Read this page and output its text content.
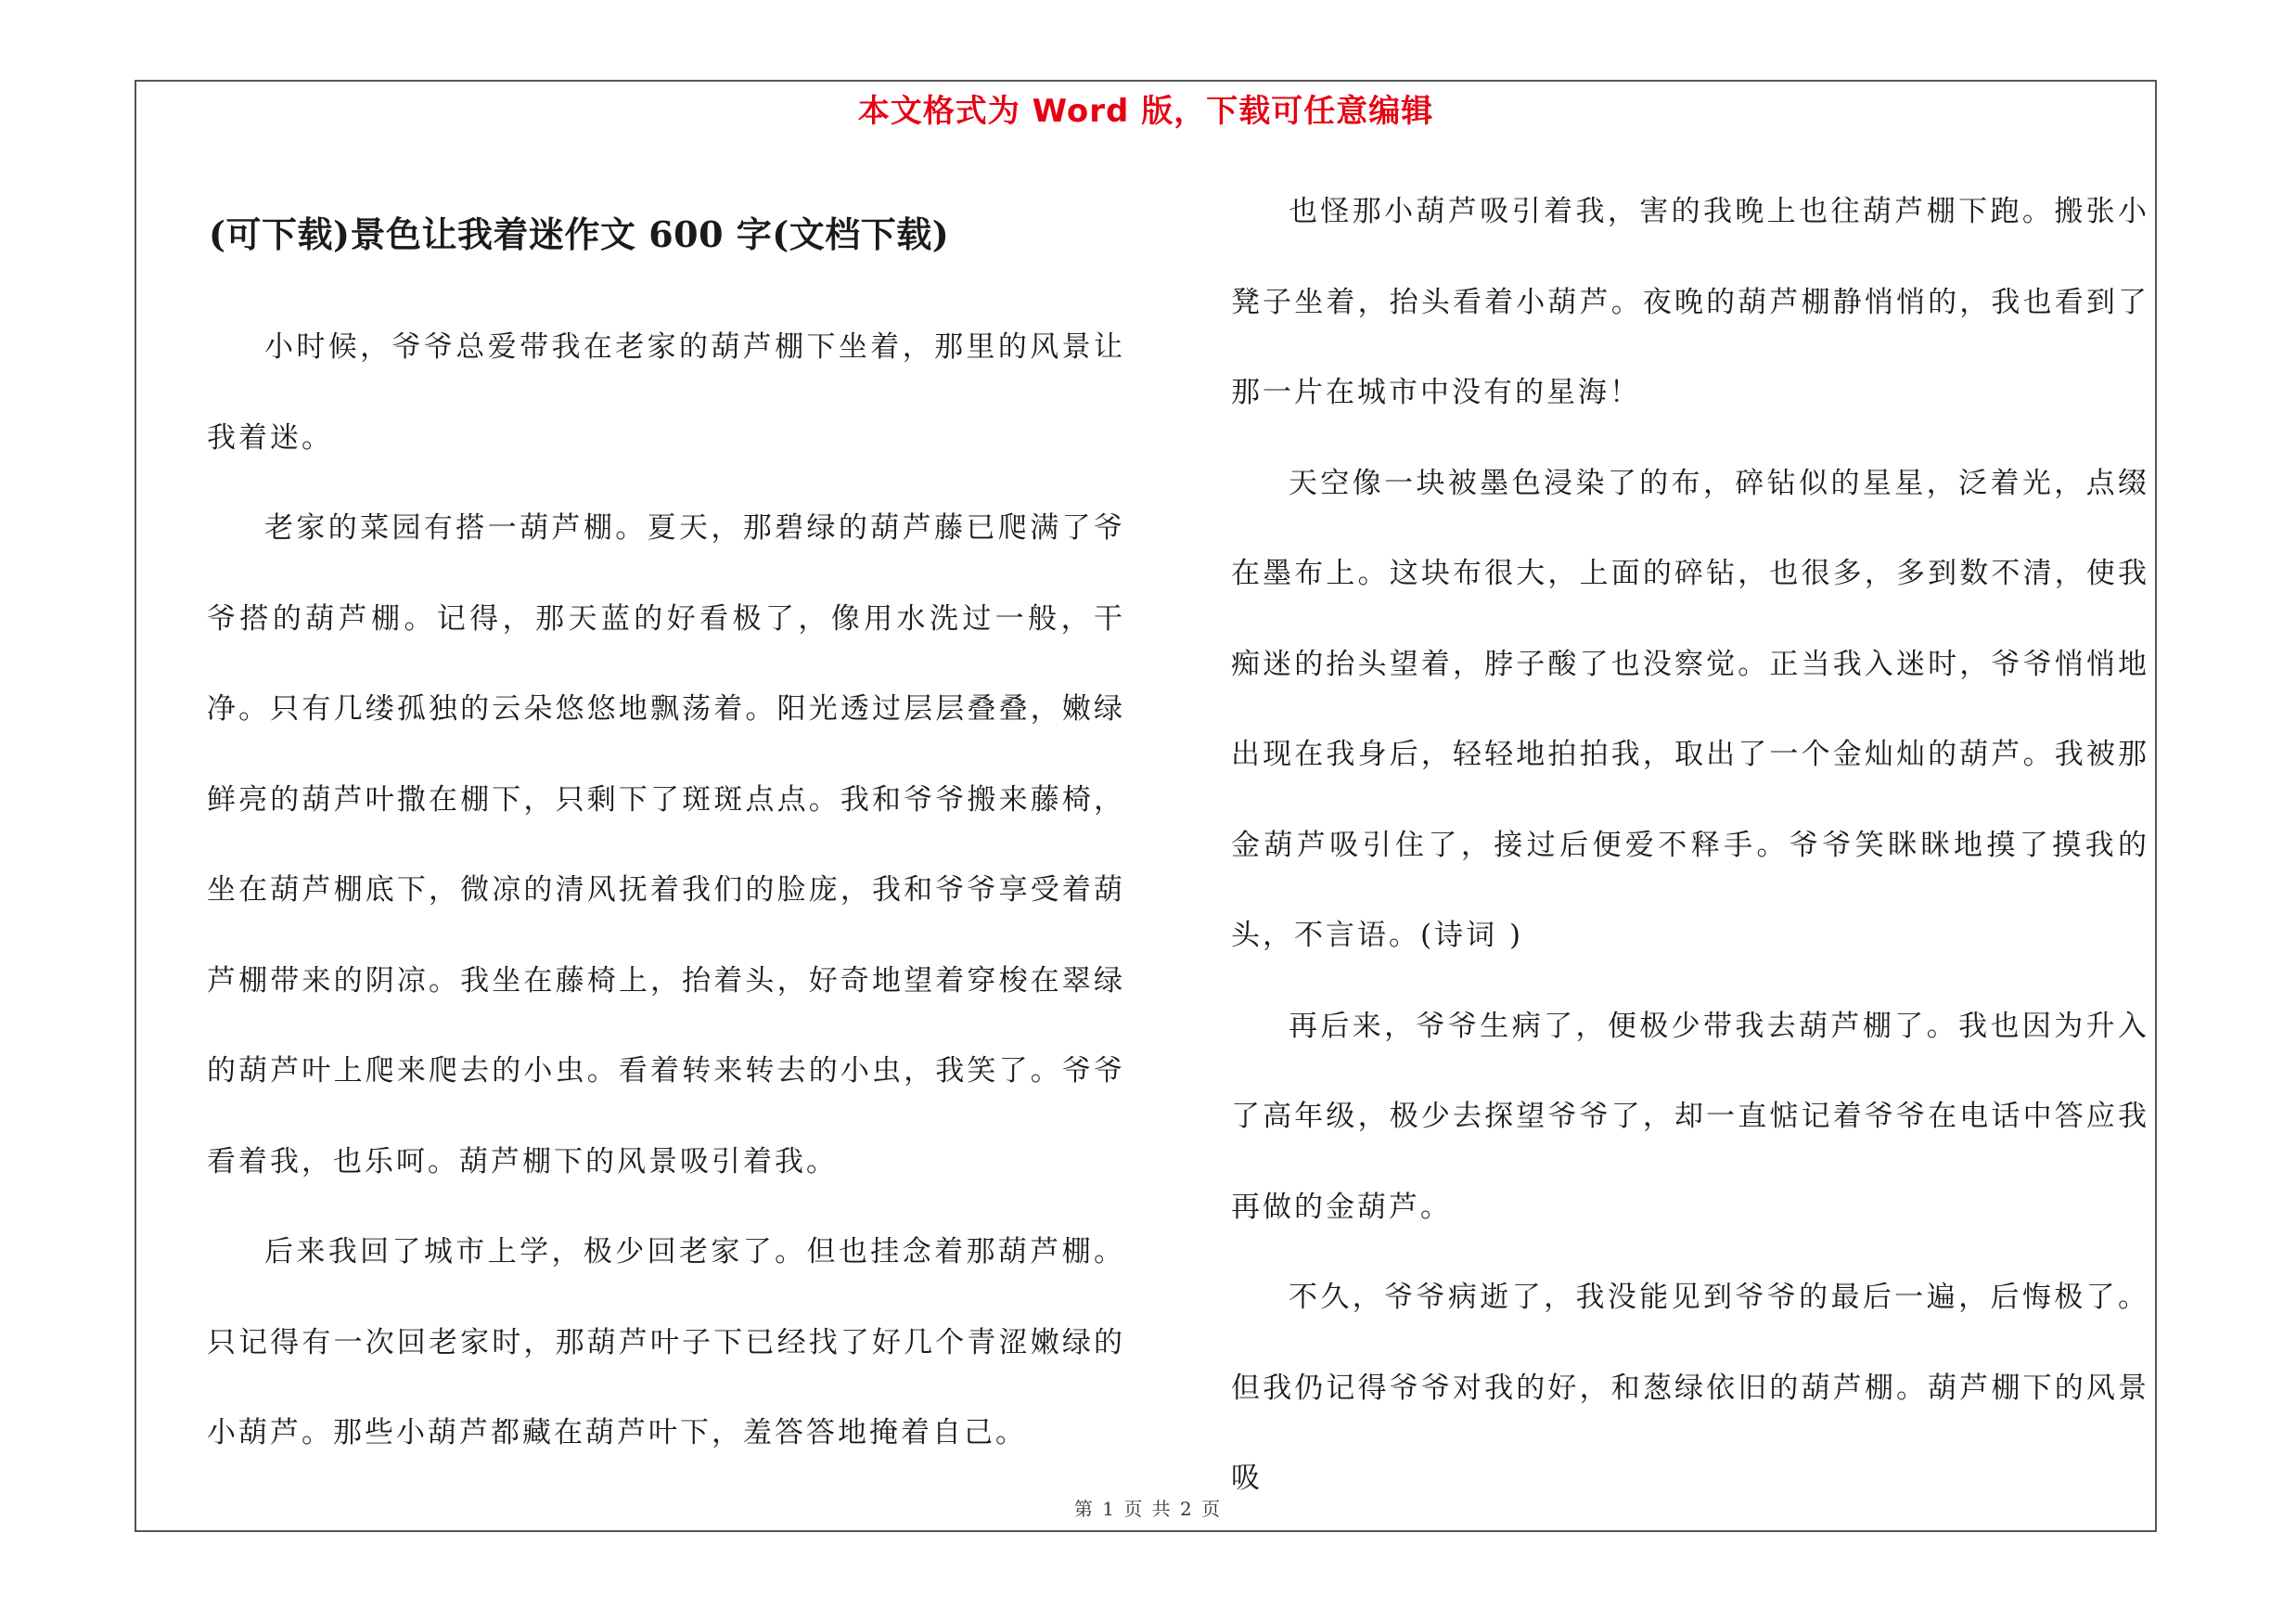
本文格式为 Word 版，下载可任意编辑
(可下载)景色让我着迷作文 600 字(文档下载)

小时候，爷爷总爱带我在老家的葫芦棚下坐着，那里的风景让我着迷。

老家的菜园有搭一葫芦棚。夏天，那碧绿的葫芦藤已爬满了爷爷搭的葫芦棚。记得，那天蓝的好看极了，像用水洗过一般，干净。只有几缕孤独的云朵悠悠地飘荡着。阳光透过层层叠叠，嫩绿鲜亮的葫芦叶撒在棚下，只剩下了斑斑点点。我和爷爷搬来藤椅，坐在葫芦棚底下，微凉的清风抚着我们的脸庞，我和爷爷享受着葫芦棚带来的阴凉。我坐在藤椅上，抬着头，好奇地望着穿梭在翠绿的葫芦叶上爬来爬去的小虫。看着转来转去的小虫，我笑了。爷爷看着我，也乐呵。葫芦棚下的风景吸引着我。

后来我回了城市上学，极少回老家了。但也挂念着那葫芦棚。只记得有一次回老家时，那葫芦叶子下已经找了好几个青涩嫩绿的小葫芦。那些小葫芦都藏在葫芦叶下，羞答答地掩着自己。

也怪那小葫芦吸引着我，害的我晚上也往葫芦棚下跑。搬张小凳子坐着，抬头看着小葫芦。夜晚的葫芦棚静悄悄的，我也看到了那一片在城市中没有的星海！

天空像一块被墨色浸染了的布，碎钻似的星星，泛着光，点缀在墨布上。这块布很大，上面的碎钻，也很多，多到数不清，使我痴迷的抬头望着，脖子酸了也没察觉。正当我入迷时，爷爷悄悄地出现在我身后，轻轻地拍拍我，取出了一个金灿灿的葫芦。我被那金葫芦吸引住了，接过后便爱不释手。爷爷笑眯眯地摸了摸我的头，不言语。(诗词 )

再后来，爷爷生病了，便极少带我去葫芦棚了。我也因为升入了高年级，极少去探望爷爷了，却一直惦记着爷爷在电话中答应我再做的金葫芦。

不久，爷爷病逝了，我没能见到爷爷的最后一遍，后悔极了。但我仍记得爷爷对我的好，和葱绿依旧的葫芦棚。葫芦棚下的风景吸

第 1 页 共 2 页
